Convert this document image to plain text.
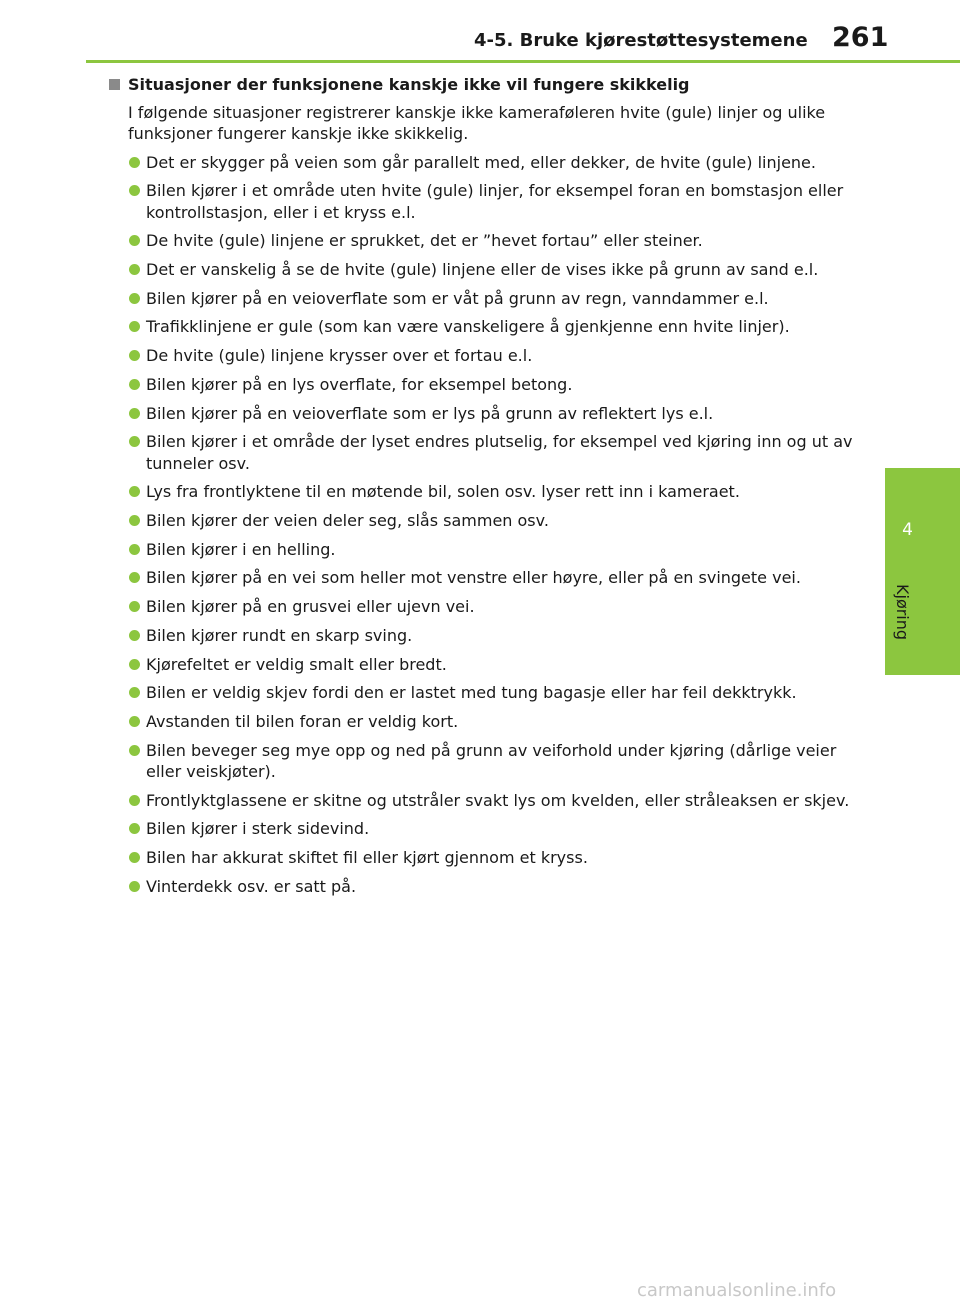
4-5. Bruke kjørestøttesystemene 261
4
Kjøring
Situasjoner der funksjonene kanskje ikke vil fungere skikkelig

I følgende situasjoner registrerer kanskje ikke kameraføleren hvite (gule) linjer og ulike funksjoner fungerer kanskje ikke skikkelig.

Det er skygger på veien som går parallelt med, eller dekker, de hvite (gule) linjene.
Bilen kjører i et område uten hvite (gule) linjer, for eksempel foran en bomstasjon eller kontrollstasjon, eller i et kryss e.l.
De hvite (gule) linjene er sprukket, det er ”hevet fortau” eller steiner.
Det er vanskelig å se de hvite (gule) linjene eller de vises ikke på grunn av sand e.l.
Bilen kjører på en veioverflate som er våt på grunn av regn, vanndammer e.l.
Trafikklinjene er gule (som kan være vanskeligere å gjenkjenne enn hvite linjer).
De hvite (gule) linjene krysser over et fortau e.l.
Bilen kjører på en lys overflate, for eksempel betong.
Bilen kjører på en veioverflate som er lys på grunn av reflektert lys e.l.
Bilen kjører i et område der lyset endres plutselig, for eksempel ved kjøring inn og ut av tunneler osv.
Lys fra frontlyktene til en møtende bil, solen osv. lyser rett inn i kameraet.
Bilen kjører der veien deler seg, slås sammen osv.
Bilen kjører i en helling.
Bilen kjører på en vei som heller mot venstre eller høyre, eller på en svingete vei.
Bilen kjører på en grusvei eller ujevn vei.
Bilen kjører rundt en skarp sving.
Kjørefeltet er veldig smalt eller bredt.
Bilen er veldig skjev fordi den er lastet med tung bagasje eller har feil dekktrykk.
Avstanden til bilen foran er veldig kort.
Bilen beveger seg mye opp og ned på grunn av veiforhold under kjøring (dårlige veier eller veiskjøter).
Frontlyktglassene er skitne og utstråler svakt lys om kvelden, eller stråleaksen er skjev.
Bilen kjører i sterk sidevind.
Bilen har akkurat skiftet fil eller kjørt gjennom et kryss.
Vinterdekk osv. er satt på.
carmanualsonline.info
